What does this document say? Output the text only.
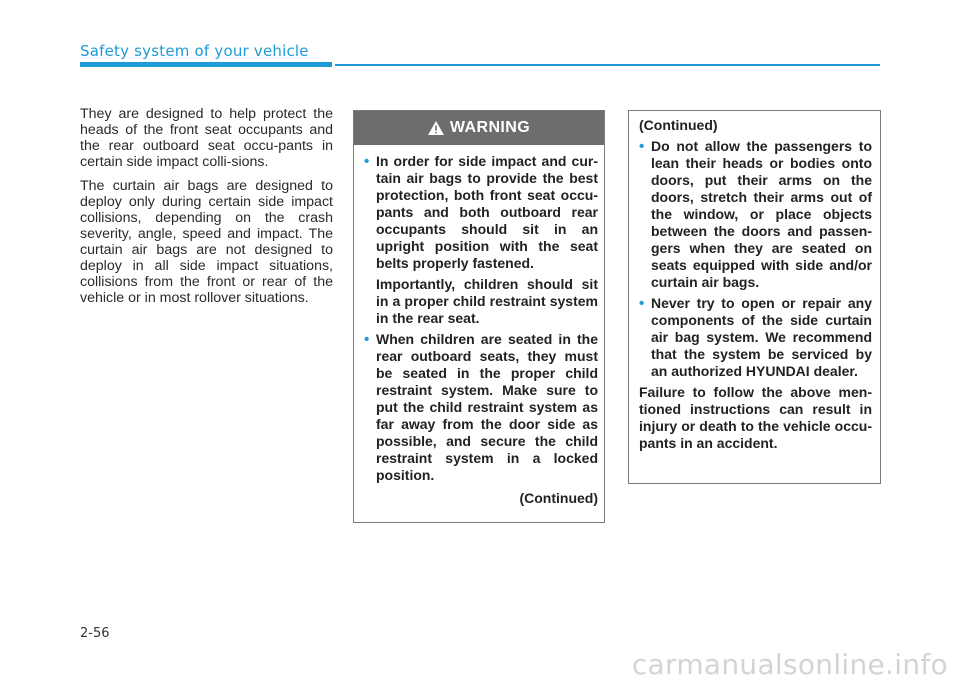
Safety system of your vehicle

They are designed to help protect the heads of the front seat occupants and the rear outboard seat occu-pants in certain side impact colli-sions.

The curtain air bags are designed to deploy only during certain side impact collisions, depending on the crash severity, angle, speed and impact. The curtain air bags are not designed to deploy in all side impact situations, collisions from the front or rear of the vehicle or in most rollover situations.

WARNING
• In order for side impact and cur-tain air bags to provide the best protection, both front seat occu-pants and both outboard rear occupants should sit in an upright position with the seat belts properly fastened.
Importantly, children should sit in a proper child restraint system in the rear seat.
• When children are seated in the rear outboard seats, they must be seated in the proper child restraint system. Make sure to put the child restraint system as far away from the door side as possible, and secure the child restraint system in a locked position.
(Continued)
(Continued)
• Do not allow the passengers to lean their heads or bodies onto doors, put their arms on the doors, stretch their arms out of the window, or place objects between the doors and passen-gers when they are seated on seats equipped with side and/or curtain air bags.
• Never try to open or repair any components of the side curtain air bag system. We recommend that the system be serviced by an authorized HYUNDAI dealer.
Failure to follow the above men-tioned instructions can result in injury or death to the vehicle occu-pants in an accident.
2-56
carmanualsonline.info
